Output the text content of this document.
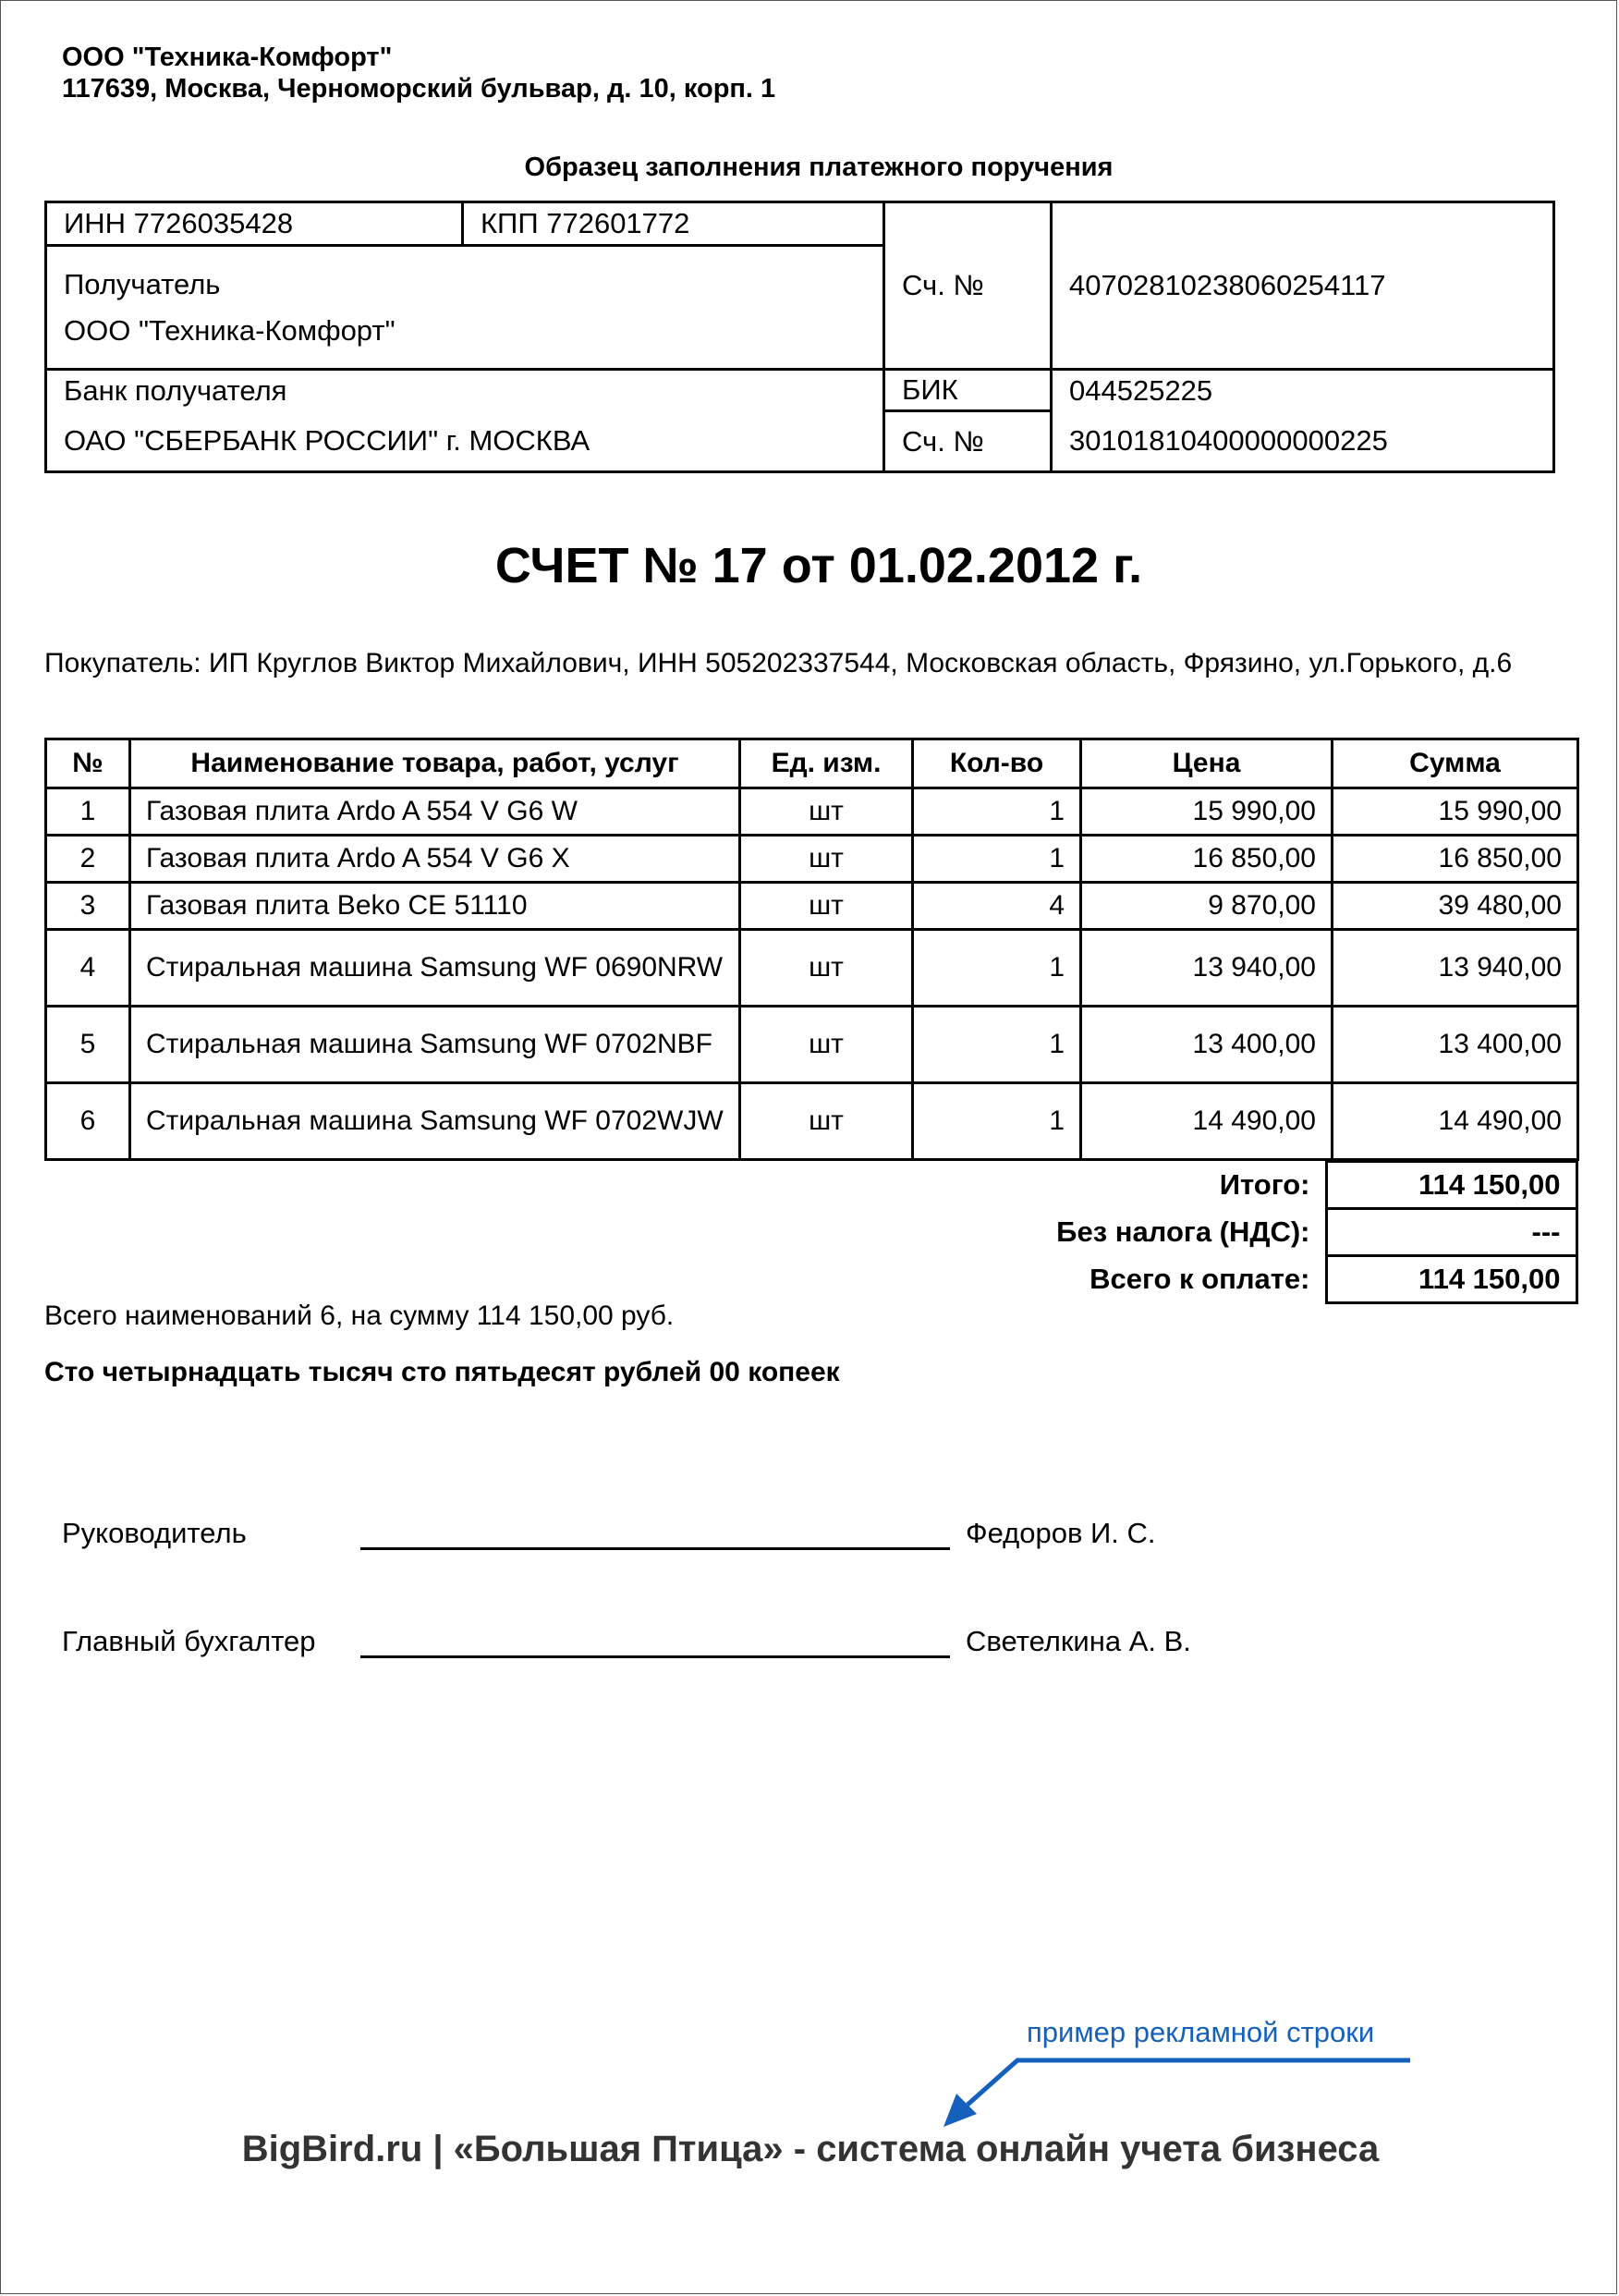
ООО "Техника-Комфорт"
117639, Москва, Черноморский бульвар, д. 10, корп. 1
Образец заполнения платежного поручения
ИНН 7726035428	КПП 772601772	Сч. №	40702810238060254117

Получатель
ООО "Техника-Комфорт"			

Банк получателя		БИК	044525225
ОАО "СБЕРБАНК РОССИИ" г. МОСКВА		Сч. №	30101810400000000225
СЧЕТ № 17 от 01.02.2012 г.
Покупатель: ИП Круглов Виктор Михайлович, ИНН 505202337544, Московская область, Фрязино, ул.Горького, д.6
№	Наименование товара, работ, услуг	Ед. изм.	Кол-во	Цена	Сумма
1	Газовая плита Ardo A 554 V G6 W	шт	1	15 990,00	15 990,00
2	Газовая плита Ardo A 554 V G6 X	шт	1	16 850,00	16 850,00
3	Газовая плита Beko CE 51110	шт	4	9 870,00	39 480,00
4	Стиральная машина Samsung WF 0690NRW	шт	1	13 940,00	13 940,00
5	Стиральная машина Samsung WF 0702NBF	шт	1	13 400,00	13 400,00
6	Стиральная машина Samsung WF 0702WJW	шт	1	14 490,00	14 490,00
Итого:	114 150,00
Без налога (НДС):	---
Всего к оплате:	114 150,00
Всего наименований 6, на сумму 114 150,00 руб.
Сто четырнадцать тысяч сто пятьдесят рублей 00 копеек
Руководитель	Федоров И. С.
Главный бухгалтер	Светелкина А. В.
пример рекламной строки
BigBird.ru | «Большая Птица» - система онлайн учета бизнеса
